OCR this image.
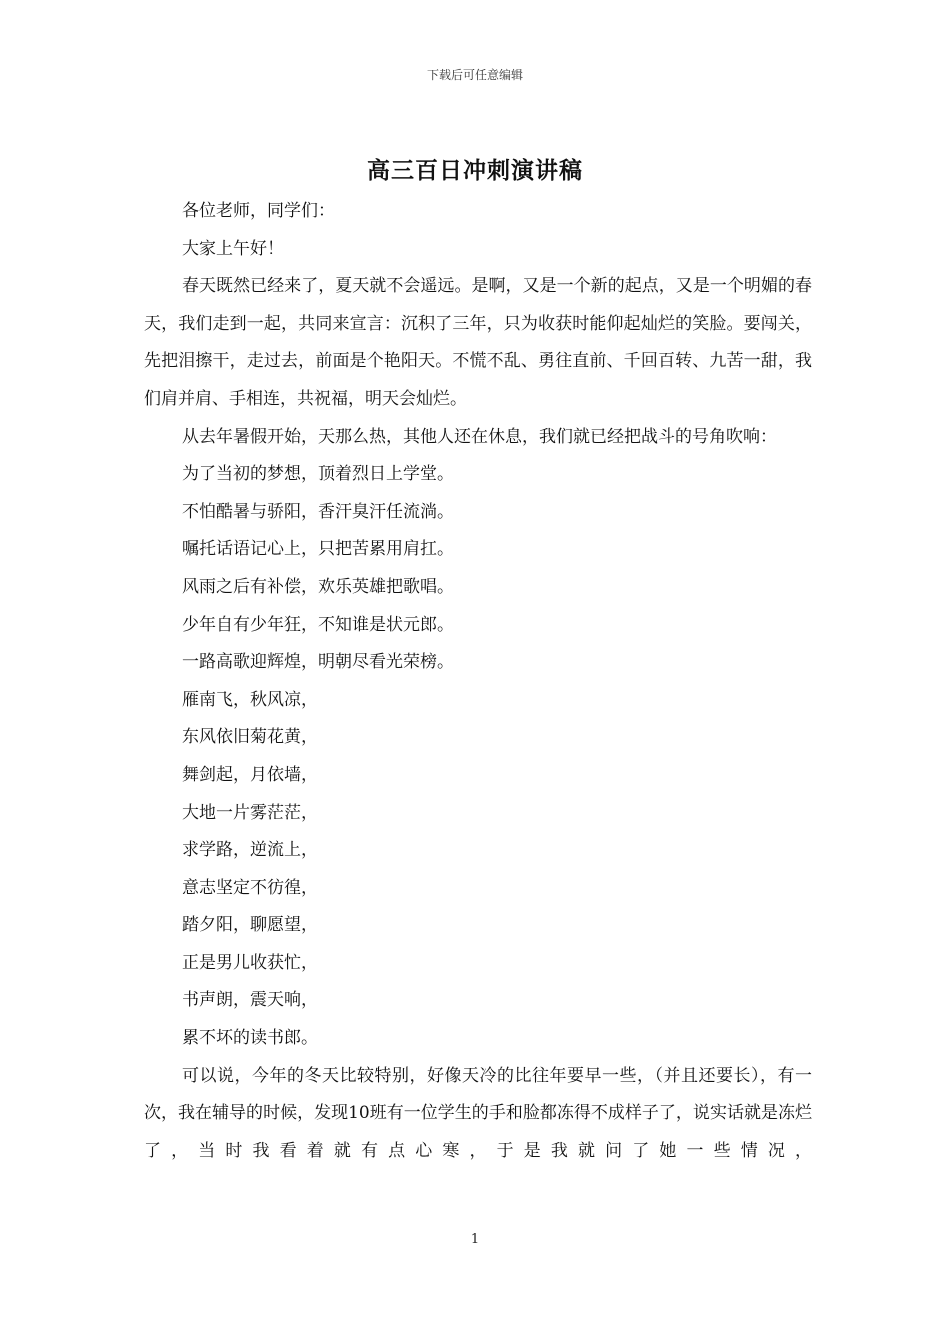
下载后可任意编辑
高三百日冲刺演讲稿

各位老师，同学们：

大家上午好！

春天既然已经来了，夏天就不会遥远。是啊，又是一个新的起点，又是一个明媚的春天，我们走到一起，共同来宣言：沉积了三年，只为收获时能仰起灿烂的笑脸。要闯关，先把泪擦干，走过去，前面是个艳阳天。不慌不乱、勇往直前、千回百转、九苦一甜，我们肩并肩、手相连，共祝福，明天会灿烂。

从去年暑假开始，天那么热，其他人还在休息，我们就已经把战斗的号角吹响：

为了当初的梦想，顶着烈日上学堂。

不怕酷暑与骄阳，香汗臭汗任流淌。

嘱托话语记心上，只把苦累用肩扛。

风雨之后有补偿，欢乐英雄把歌唱。

少年自有少年狂，不知谁是状元郎。

一路高歌迎辉煌，明朝尽看光荣榜。

雁南飞，秋风凉，

东风依旧菊花黄，

舞剑起，月依墙，

大地一片雾茫茫，

求学路，逆流上，

意志坚定不彷徨，

踏夕阳，聊愿望，

正是男儿收获忙，

书声朗，震天响，

累不坏的读书郎。

可以说，今年的冬天比较特别，好像天冷的比往年要早一些，（并且还要长），有一次，我在辅导的时候，发现10班有一位学生的手和脸都冻得不成样子了，说实话就是冻烂了，当时我看着就有点心寒，于是我就问了她一些情况，

1
